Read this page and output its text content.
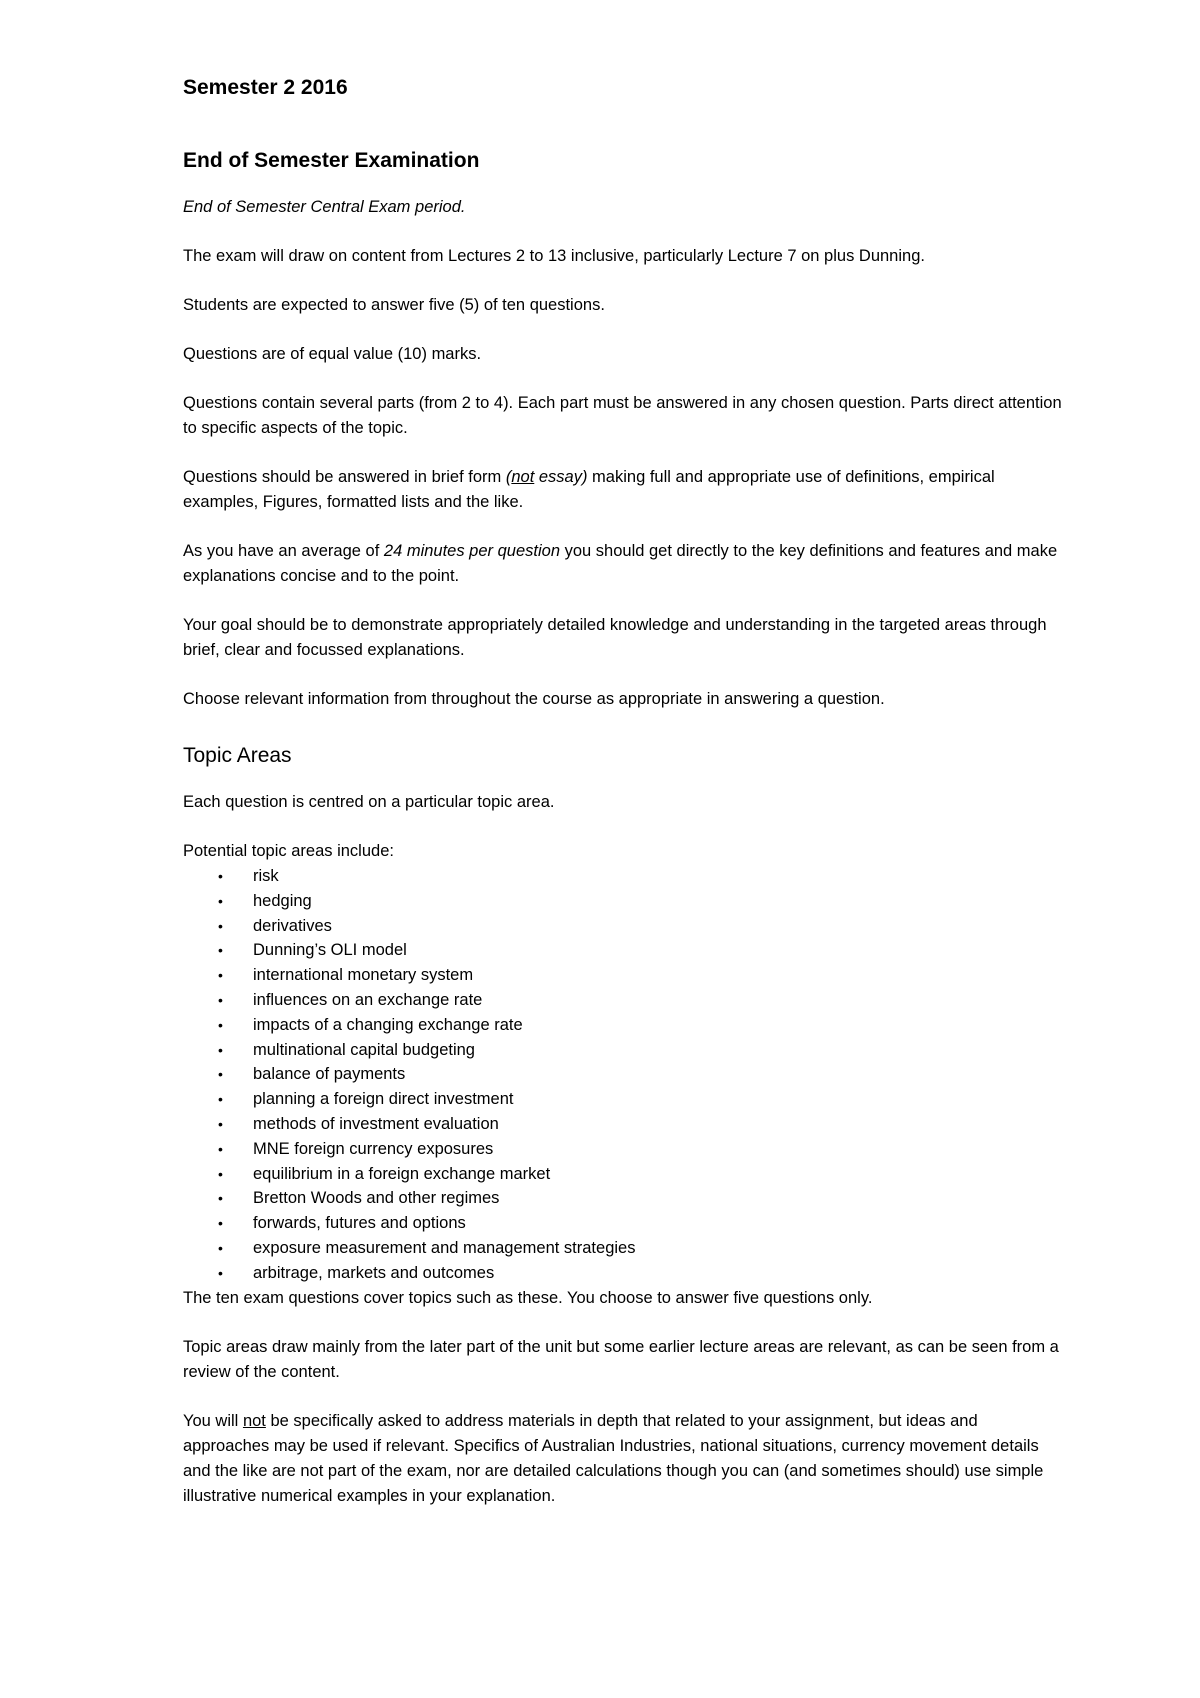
Semester 2 2016
End of Semester Examination

End of Semester Central Exam period.

The exam will draw on content from Lectures 2 to 13 inclusive, particularly Lecture 7 on plus Dunning.

Students are expected to answer five (5) of ten questions.

Questions are of equal value (10) marks.

Questions contain several parts (from 2 to 4). Each part must be answered in any chosen question. Parts direct attention to specific aspects of the topic.

Questions should be answered in brief form (not essay) making full and appropriate use of definitions, empirical examples, Figures, formatted lists and the like.

As you have an average of 24 minutes per question you should get directly to the key definitions and features and make explanations concise and to the point.

Your goal should be to demonstrate appropriately detailed knowledge and understanding in the targeted areas through brief, clear and focussed explanations.

Choose relevant information from throughout the course as appropriate in answering a question.

Topic Areas

Each question is centred on a particular topic area.

Potential topic areas include:

• risk
• hedging
• derivatives
• Dunning’s OLI model
• international monetary system
• influences on an exchange rate
• impacts of a changing exchange rate
• multinational capital budgeting
• balance of payments
• planning a foreign direct investment
• methods of investment evaluation
• MNE foreign currency exposures
• equilibrium in a foreign exchange market
• Bretton Woods and other regimes
• forwards, futures and options
• exposure measurement and management strategies
• arbitrage, markets and outcomes

The ten exam questions cover topics such as these. You choose to answer five questions only.

Topic areas draw mainly from the later part of the unit but some earlier lecture areas are relevant, as can be seen from a review of the content.

You will not be specifically asked to address materials in depth that related to your assignment, but ideas and approaches may be used if relevant. Specifics of Australian Industries, national situations, currency movement details and the like are not part of the exam, nor are detailed calculations though you can (and sometimes should) use simple illustrative numerical examples in your explanation.
